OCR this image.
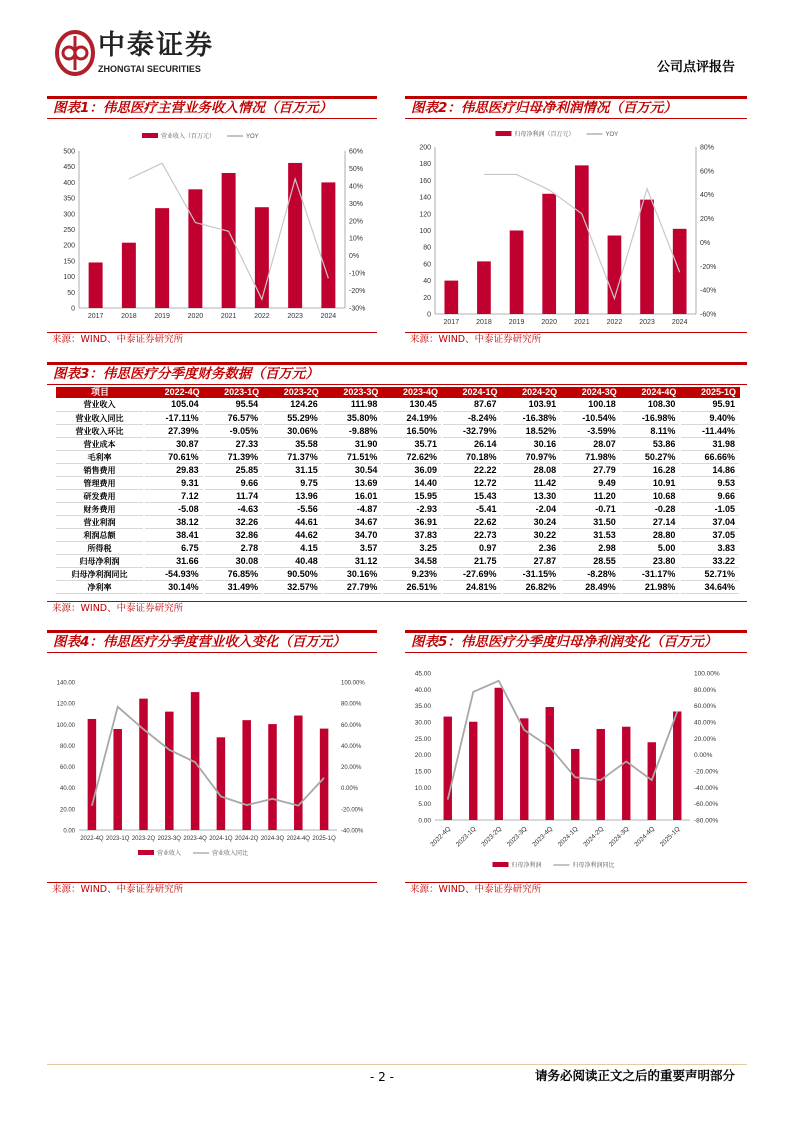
中泰证券
ZHONGTAI SECURITIES	公司点评报告
图表1：伟思医疗主营业务收入情况（百万元）
0
50
100
150
200
250
300
350
400
450
500
-30%
-20%
-10%
0%
10%
20%
30%
40%
50%
60%
2017	2018	2019	2020	2021	2022	2023	2024
营业收入（百万元）	YOY
来源：WIND、中泰证券研究所
图表2：伟思医疗归母净利润情况（百万元）
0
20
40
60
80
100
120
140
160
180
200
-60%
-40%
-20%
0%
20%
40%
60%
80%
2017 2018 2019 2020 2021 2022 2023 2024
归母净利润（百万元）	YOY
来源：WIND、中泰证券研究所
图表3：伟思医疗分季度财务数据（百万元）
项目	2022-4Q	2023-1Q	2023-2Q	2023-3Q	2023-4Q	2024-1Q	2024-2Q	2024-3Q	2024-4Q	2025-1Q
营业收入	105.04	95.54	124.26	111.98	130.45	87.67	103.91	100.18	108.30	95.91
营业收入同比	-17.11%	76.57%	55.29%	35.80%	24.19%	-8.24%	-16.38%	-10.54%	-16.98%	9.40%
营业收入环比	27.39%	-9.05%	30.06%	-9.88%	16.50%	-32.79%	18.52%	-3.59%	8.11%	-11.44%
营业成本	30.87	27.33	35.58	31.90	35.71	26.14	30.16	28.07	53.86	31.98
毛利率	70.61%	71.39%	71.37%	71.51%	72.62%	70.18%	70.97%	71.98%	50.27%	66.66%
销售费用	29.83	25.85	31.15	30.54	36.09	22.22	28.08	27.79	16.28	14.86
管理费用	9.31	9.66	9.75	13.69	14.40	12.72	11.42	9.49	10.91	9.53
研发费用	7.12	11.74	13.96	16.01	15.95	15.43	13.30	11.20	10.68	9.66
财务费用	-5.08	-4.63	-5.56	-4.87	-2.93	-5.41	-2.04	-0.71	-0.28	-1.05
营业利润	38.12	32.26	44.61	34.67	36.91	22.62	30.24	31.50	27.14	37.04
利润总额	38.41	32.86	44.62	34.70	37.83	22.73	30.22	31.53	28.80	37.05
所得税	6.75	2.78	4.15	3.57	3.25	0.97	2.36	2.98	5.00	3.83
归母净利润	31.66	30.08	40.48	31.12	34.58	21.75	27.87	28.55	23.80	33.22
归母净利润同比	-54.93%	76.85%	90.50%	30.16%	9.23%	-27.69%	-31.15%	-8.28%	-31.17%	52.71%
净利率	30.14%	31.49%	32.57%	27.79%	26.51%	24.81%	26.82%	28.49%	21.98%	34.64%
来源：WIND、中泰证券研究所
图表4：伟思医疗分季度营业收入变化（百万元）
0.00
20.00
40.00
60.00
80.00
100.00
120.00
140.00
-40.00%
-20.00%
0.00%
20.00%
40.00%
60.00%
80.00%
100.00%
2022-4Q 2023-1Q 2023-2Q 2023-3Q 2023-4Q 2024-1Q 2024-2Q 2024-3Q 2024-4Q 2025-1Q
营业收入	营业收入同比
来源：WIND、中泰证券研究所
图表5：伟思医疗分季度归母净利润变化（百万元）
0.00
5.00
10.00
15.00
20.00
25.00
30.00
35.00
40.00
45.00
-80.00%
-60.00%
-40.00%
-20.00%
0.00%
20.00%
40.00%
60.00%
80.00%
100.00%
2022-4Q 2023-1Q 2023-2Q 2023-3Q 2023-4Q 2024-1Q 2024-2Q 2024-3Q 2024-4Q 2025-1Q
归母净利润	归母净利润同比
来源：WIND、中泰证券研究所
- 2 -	请务必阅读正文之后的重要声明部分
